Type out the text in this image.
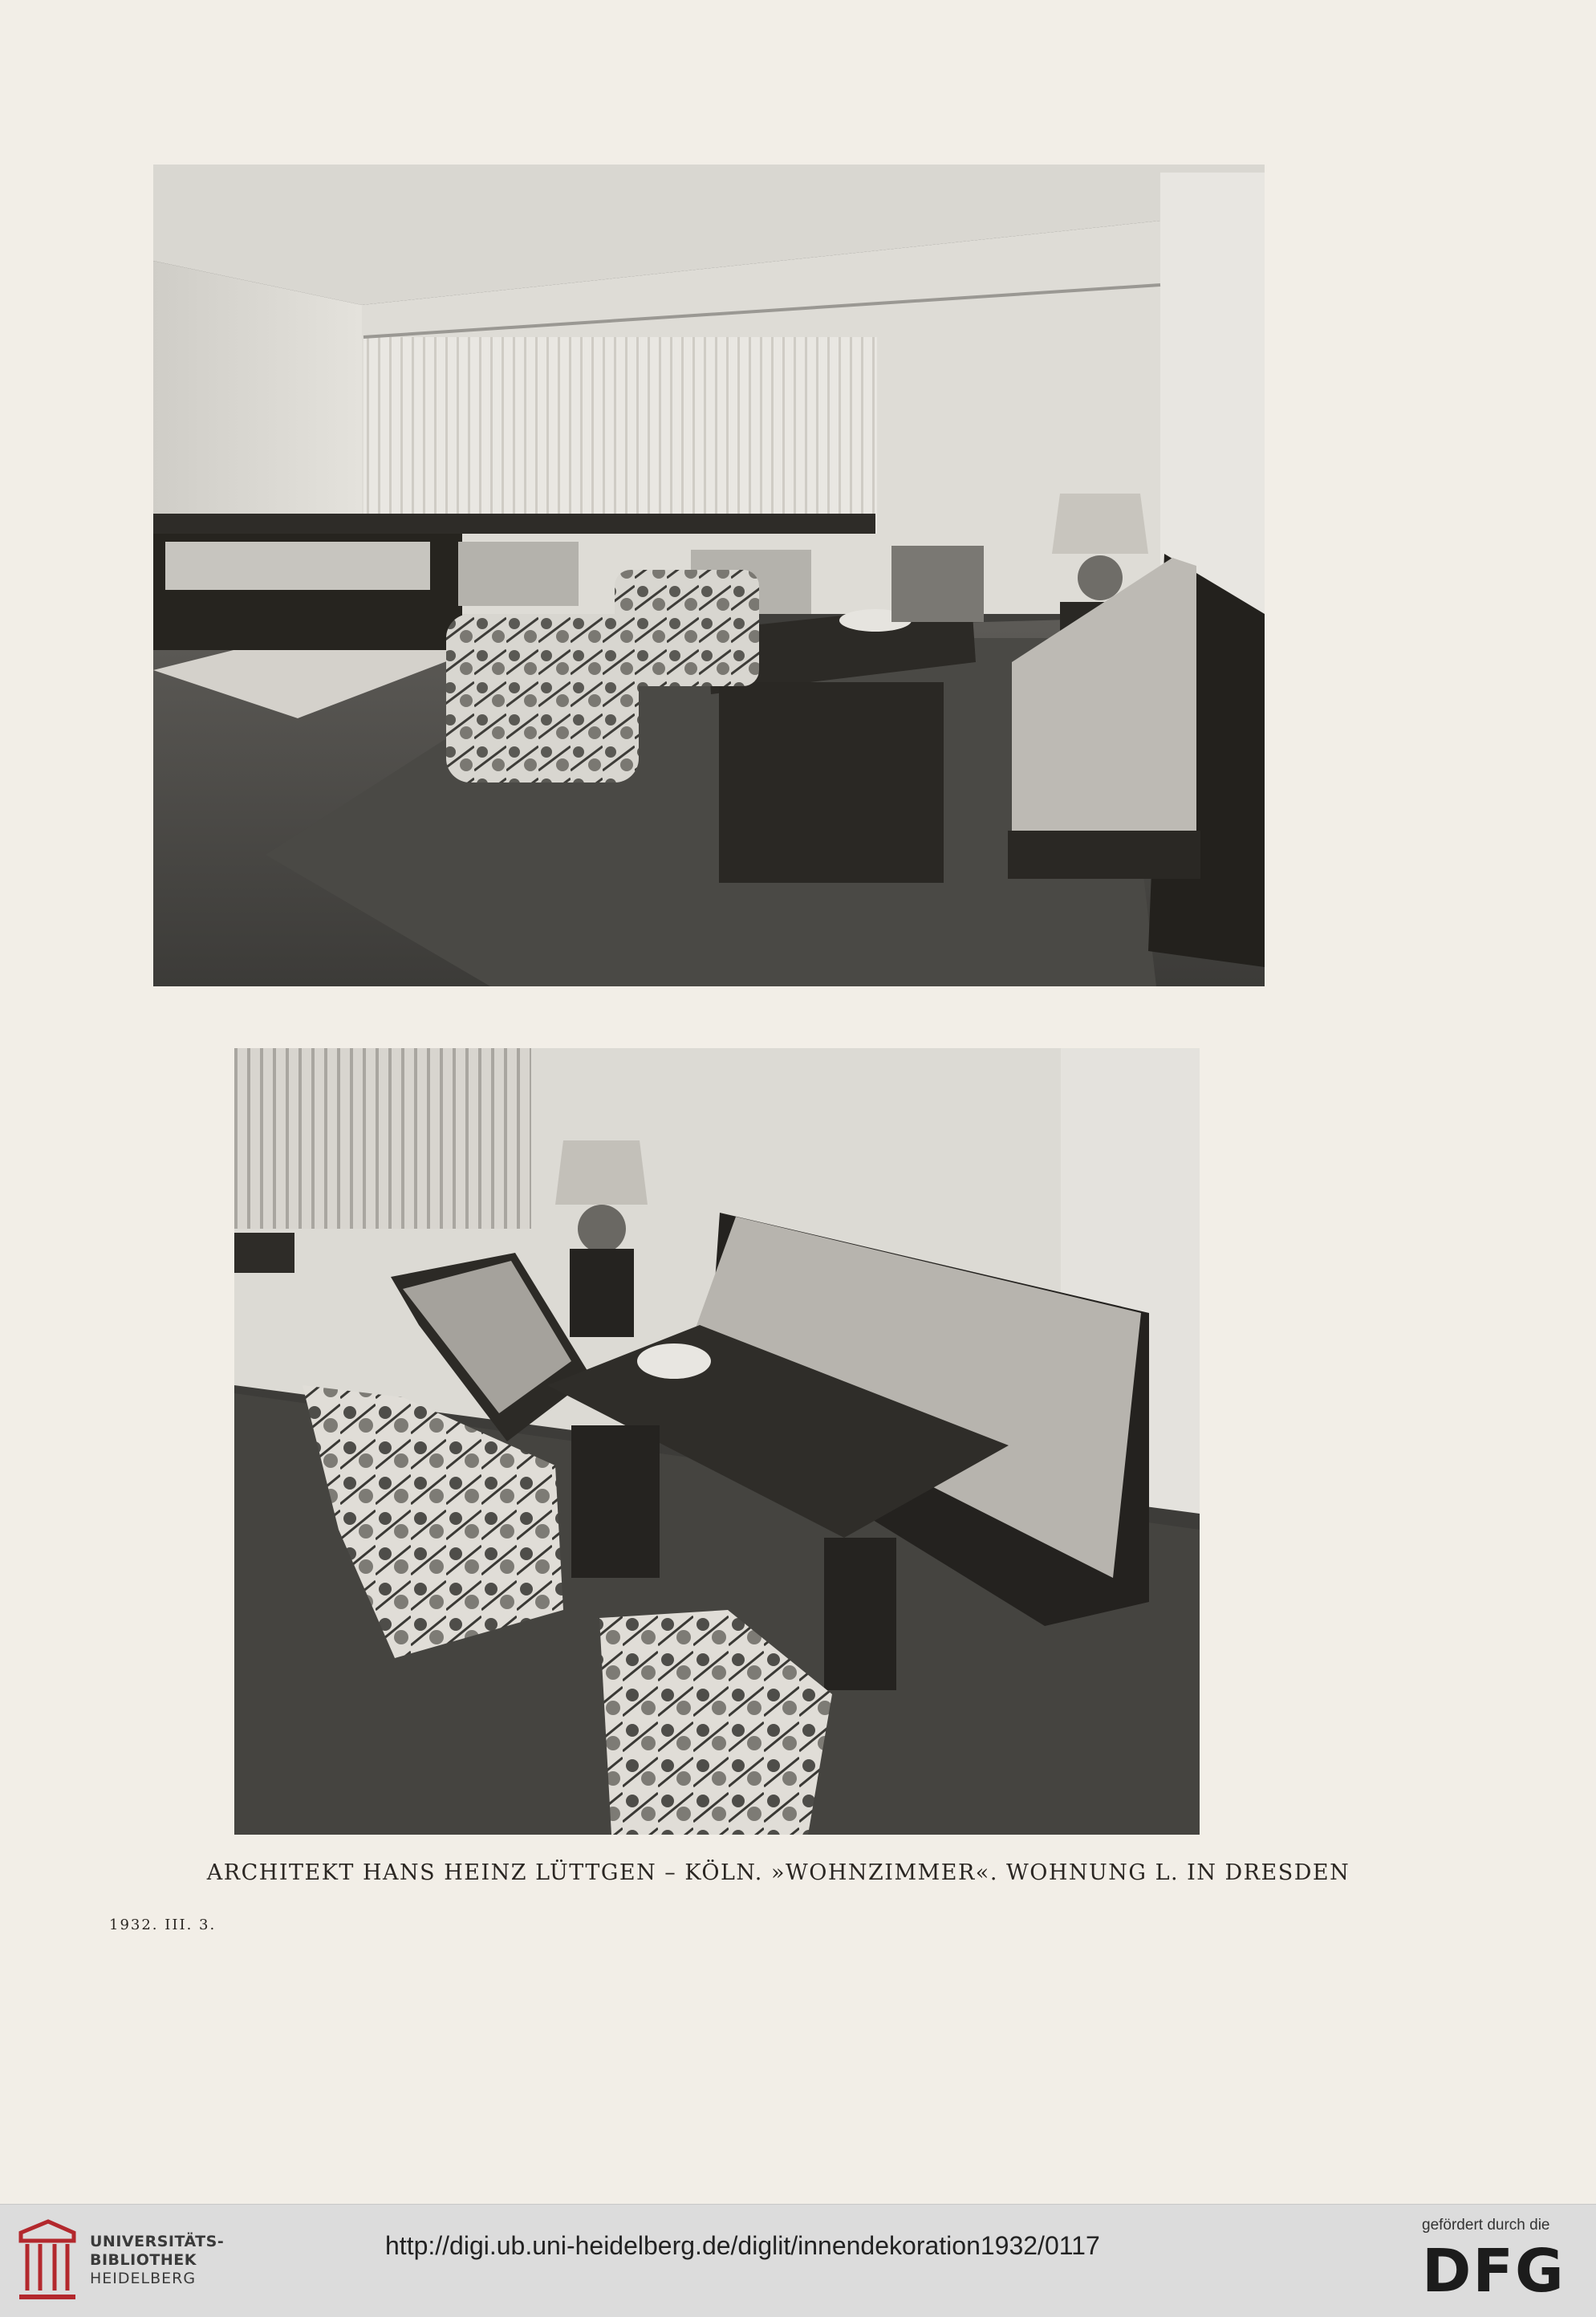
ARCHITEKT HANS HEINZ LÜTTGEN – KÖLN. »WOHNZIMMER«. WOHNUNG L. IN DRESDEN
1932. III. 3.
UNIVERSITÄTS-
BIBLIOTHEK
HEIDELBERG
http://digi.ub.uni-heidelberg.de/diglit/innendekoration1932/0117
gefördert durch die
DFG
